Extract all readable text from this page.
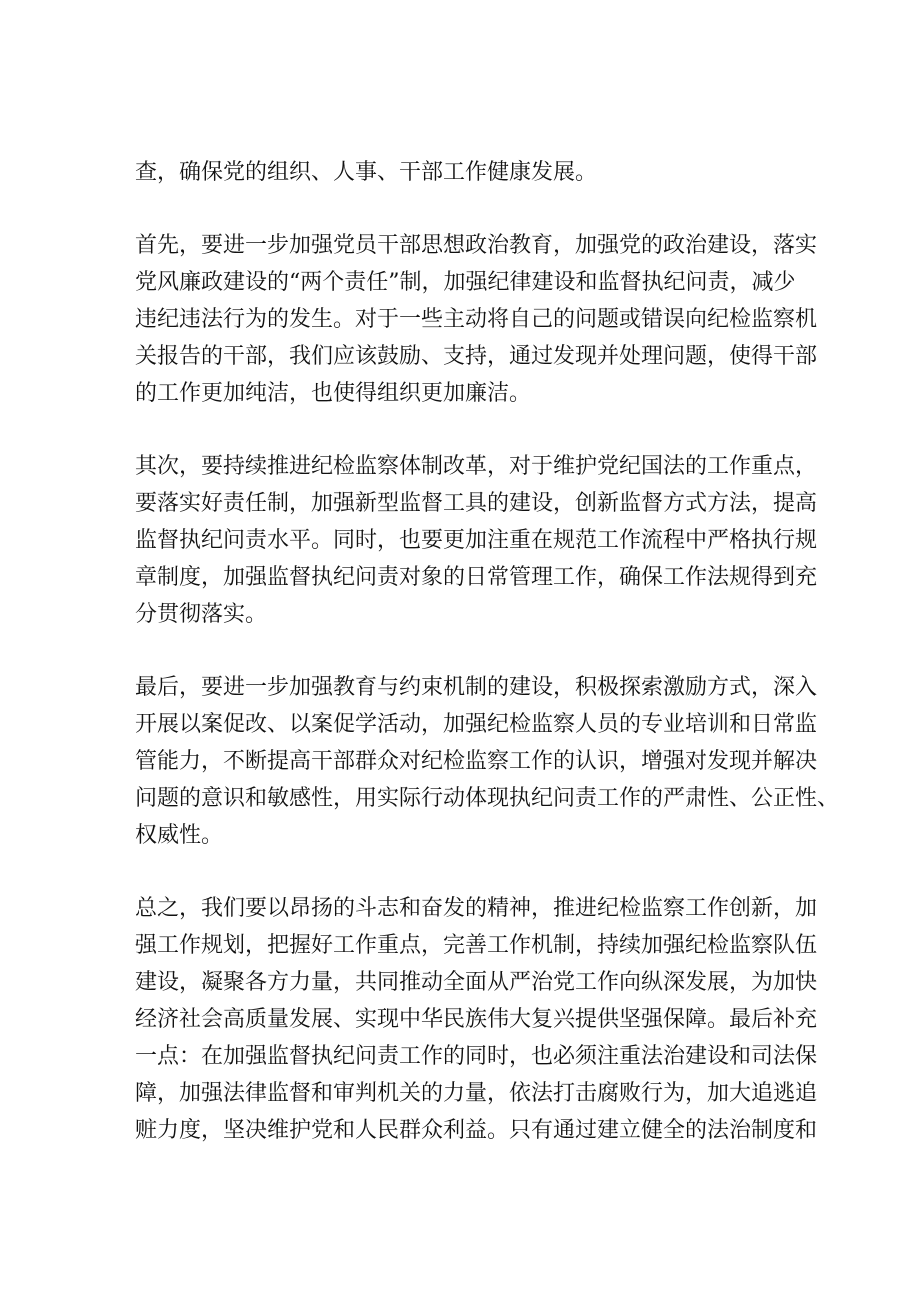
查，确保党的组织、人事、干部工作健康发展。
首先，要进一步加强党员干部思想政治教育，加强党的政治建设，落实
党风廉政建设的“两个责任”制，加强纪律建设和监督执纪问责，减少
违纪违法行为的发生。对于一些主动将自己的问题或错误向纪检监察机
关报告的干部，我们应该鼓励、支持，通过发现并处理问题，使得干部
的工作更加纯洁，也使得组织更加廉洁。
其次，要持续推进纪检监察体制改革，对于维护党纪国法的工作重点，
要落实好责任制，加强新型监督工具的建设，创新监督方式方法，提高
监督执纪问责水平。同时，也要更加注重在规范工作流程中严格执行规
章制度，加强监督执纪问责对象的日常管理工作，确保工作法规得到充
分贯彻落实。
最后，要进一步加强教育与约束机制的建设，积极探索激励方式，深入
开展以案促改、以案促学活动，加强纪检监察人员的专业培训和日常监
管能力，不断提高干部群众对纪检监察工作的认识，增强对发现并解决
问题的意识和敏感性，用实际行动体现执纪问责工作的严肃性、公正性、
权威性。
总之，我们要以昂扬的斗志和奋发的精神，推进纪检监察工作创新，加
强工作规划，把握好工作重点，完善工作机制，持续加强纪检监察队伍
建设，凝聚各方力量，共同推动全面从严治党工作向纵深发展，为加快
经济社会高质量发展、实现中华民族伟大复兴提供坚强保障。最后补充
一点：在加强监督执纪问责工作的同时，也必须注重法治建设和司法保
障，加强法律监督和审判机关的力量，依法打击腐败行为，加大追逃追
赃力度，坚决维护党和人民群众利益。只有通过建立健全的法治制度和
